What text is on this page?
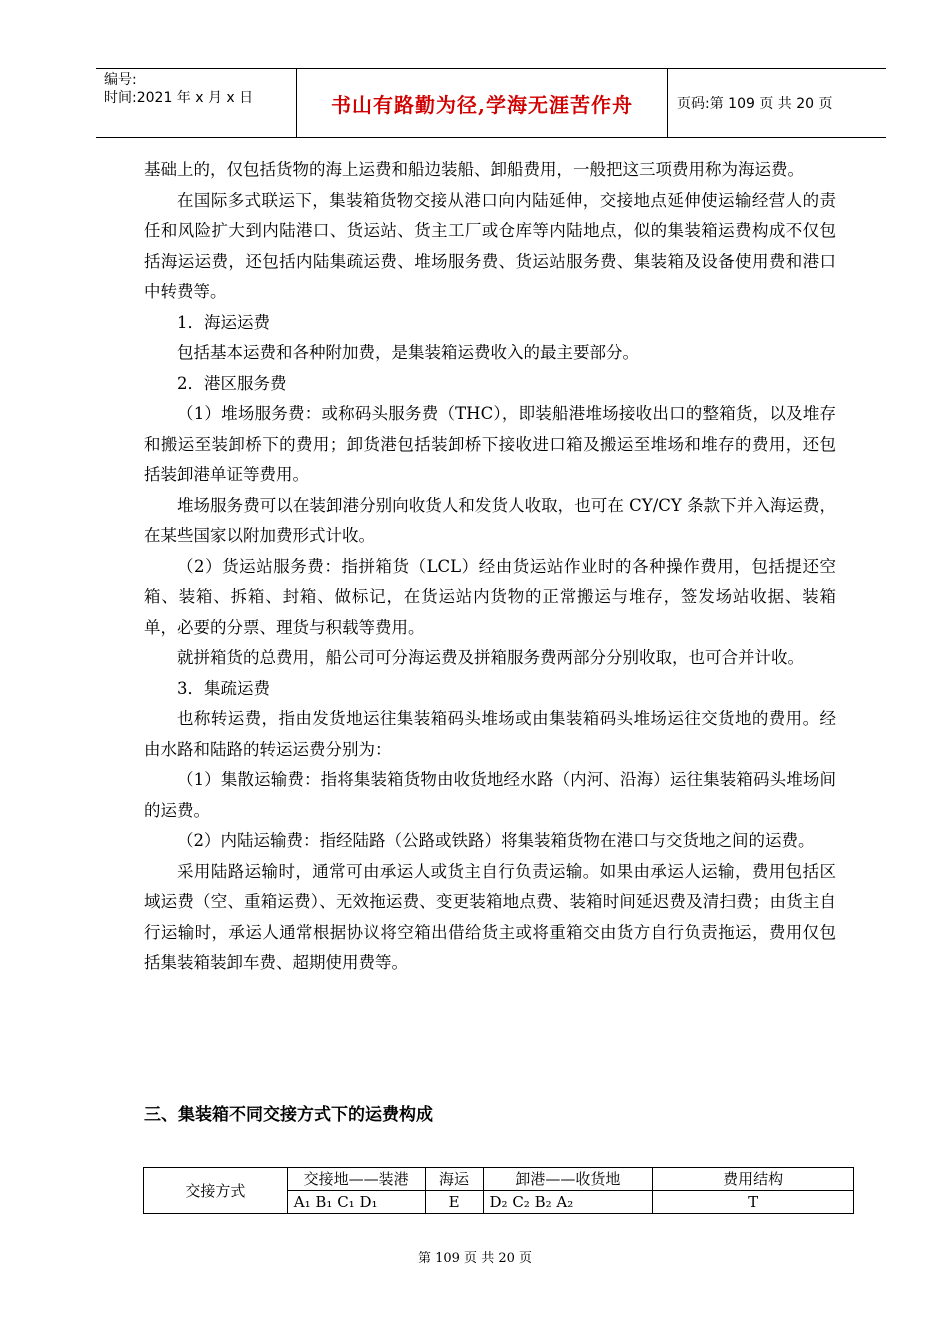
编号:
时间:2021 年 x 月 x 日	书山有路勤为径,学海无涯苦作舟	页码:第 109 页 共 20 页

基础上的，仅包括货物的海上运费和船边装船、卸船费用，一般把这三项费用称为海运费。

在国际多式联运下，集装箱货物交接从港口向内陆延伸，交接地点延伸使运输经营人的责任和风险扩大到内陆港口、货运站、货主工厂或仓库等内陆地点，似的集装箱运费构成不仅包括海运运费，还包括内陆集疏运费、堆场服务费、货运站服务费、集装箱及设备使用费和港口中转费等。

1．海运运费

包括基本运费和各种附加费，是集装箱运费收入的最主要部分。

2．港区服务费

（1）堆场服务费：或称码头服务费（THC），即装船港堆场接收出口的整箱货，以及堆存和搬运至装卸桥下的费用；卸货港包括装卸桥下接收进口箱及搬运至堆场和堆存的费用，还包括装卸港单证等费用。

堆场服务费可以在装卸港分别向收货人和发货人收取，也可在 CY/CY 条款下并入海运费，在某些国家以附加费形式计收。

（2）货运站服务费：指拼箱货（LCL）经由货运站作业时的各种操作费用，包括提还空箱、装箱、拆箱、封箱、做标记，在货运站内货物的正常搬运与堆存，签发场站收据、装箱单，必要的分票、理货与积载等费用。

就拼箱货的总费用，船公司可分海运费及拼箱服务费两部分分别收取，也可合并计收。

3．集疏运费

也称转运费，指由发货地运往集装箱码头堆场或由集装箱码头堆场运往交货地的费用。经由水路和陆路的转运运费分别为：

（1）集散运输费：指将集装箱货物由收货地经水路（内河、沿海）运往集装箱码头堆场间的运费。

（2）内陆运输费：指经陆路（公路或铁路）将集装箱货物在港口与交货地之间的运费。

采用陆路运输时，通常可由承运人或货主自行负责运输。如果由承运人运输，费用包括区域运费（空、重箱运费）、无效拖运费、变更装箱地点费、装箱时间延迟费及清扫费；由货主自行运输时，承运人通常根据协议将空箱出借给货主或将重箱交由货方自行负责拖运，费用仅包括集装箱装卸车费、超期使用费等。

三、集装箱不同交接方式下的运费构成
交接方式	交接地——装港	海运	卸港——收货地	费用结构
	A₁ B₁ C₁ D₁	E	D₂ C₂ B₂ A₂	T
第 109 页 共 20 页
